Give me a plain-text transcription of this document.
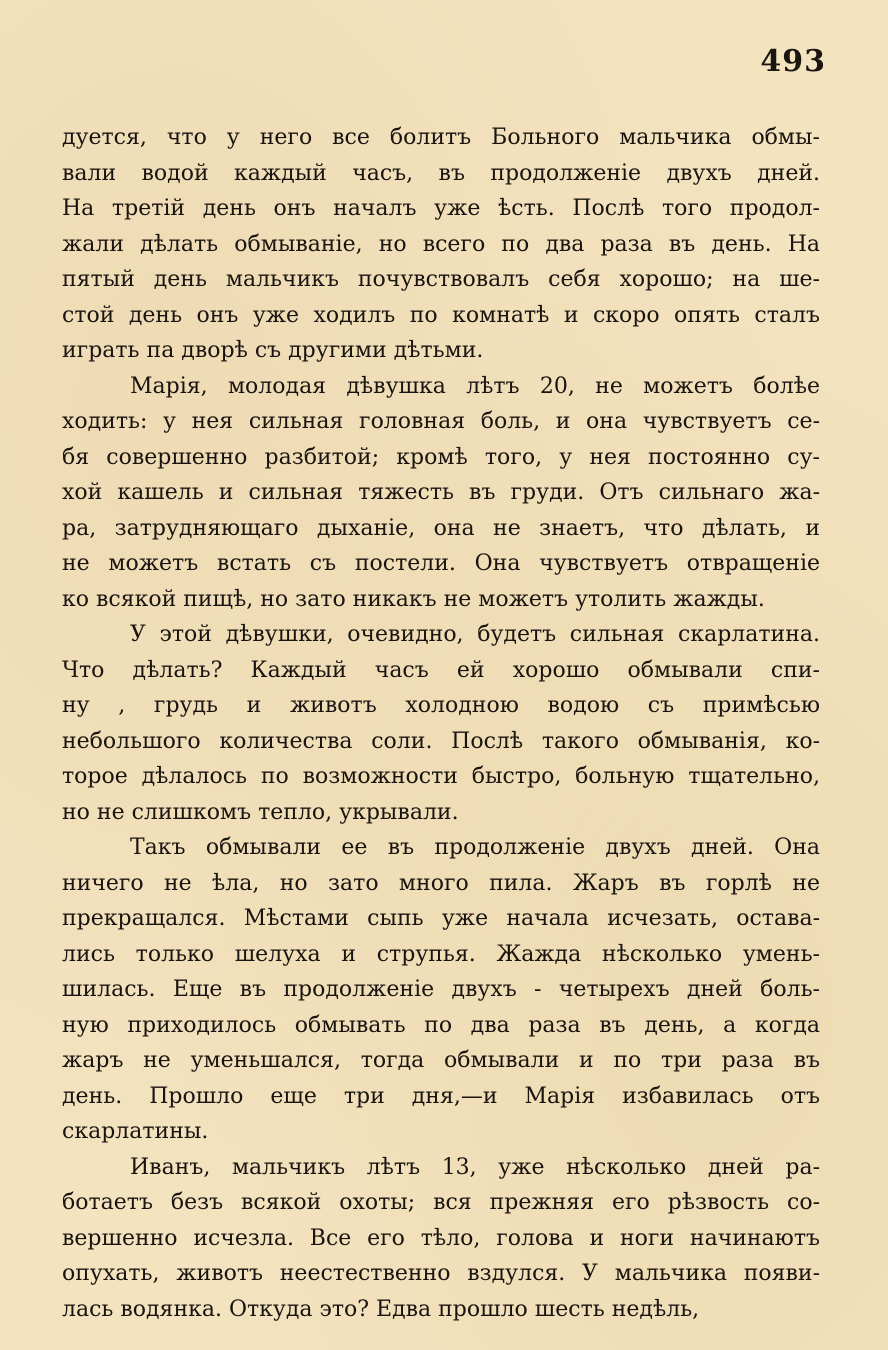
493
дуется, что у него все болитъ Больного мальчика обмы-
вали водой каждый часъ, въ продолженіе двухъ дней.
На третій день онъ началъ уже ѣсть. Послѣ того продол-
жали дѣлать обмываніе, но всего по два раза въ день. На
пятый день мальчикъ почувствовалъ себя хорошо; на ше-
стой день онъ уже ходилъ по комнатѣ и скоро опять сталъ
играть па дворѣ съ другими дѣтьми.
Марія, молодая дѣвушка лѣтъ 20, не можетъ болѣе
ходить: у нея сильная головная боль, и она чувствуетъ се-
бя совершенно разбитой; кромѣ того, у нея постоянно су-
хой кашель и сильная тяжесть въ груди. Отъ сильнаго жа-
ра, затрудняющаго дыханіе, она не знаетъ, что дѣлать, и
не можетъ встать съ постели. Она чувствуетъ отвращеніе
ко всякой пищѣ, но зато никакъ не можетъ утолить жажды.
У этой дѣвушки, очевидно, будетъ сильная скарлатина.
Что дѣлать? Каждый часъ ей хорошо обмывали спи-
ну , грудь и животъ холодною водою съ примѣсью
небольшого количества соли. Послѣ такого обмыванія, ко-
торое дѣлалось по возможности быстро, больную тщательно,
но не слишкомъ тепло, укрывали.
Такъ обмывали ее въ продолженіе двухъ дней. Она
ничего не ѣла, но зато много пила. Жаръ въ горлѣ не
прекращался. Мѣстами сыпь уже начала исчезать, остава-
лись только шелуха и струпья. Жажда нѣсколько умень-
шилась. Еще въ продолженіе двухъ - четырехъ дней боль-
ную приходилось обмывать по два раза въ день, а когда
жаръ не уменьшался, тогда обмывали и по три раза въ
день. Прошло еще три дня,—и Марія избавилась отъ
скарлатины.
Иванъ, мальчикъ лѣтъ 13, уже нѣсколько дней ра-
ботаетъ безъ всякой охоты; вся прежняя его рѣзвость со-
вершенно исчезла. Все его тѣло, голова и ноги начинаютъ
опухать, животъ неестественно вздулся. У мальчика появи-
лась водянка. Откуда это? Едва прошло шесть недѣль,
